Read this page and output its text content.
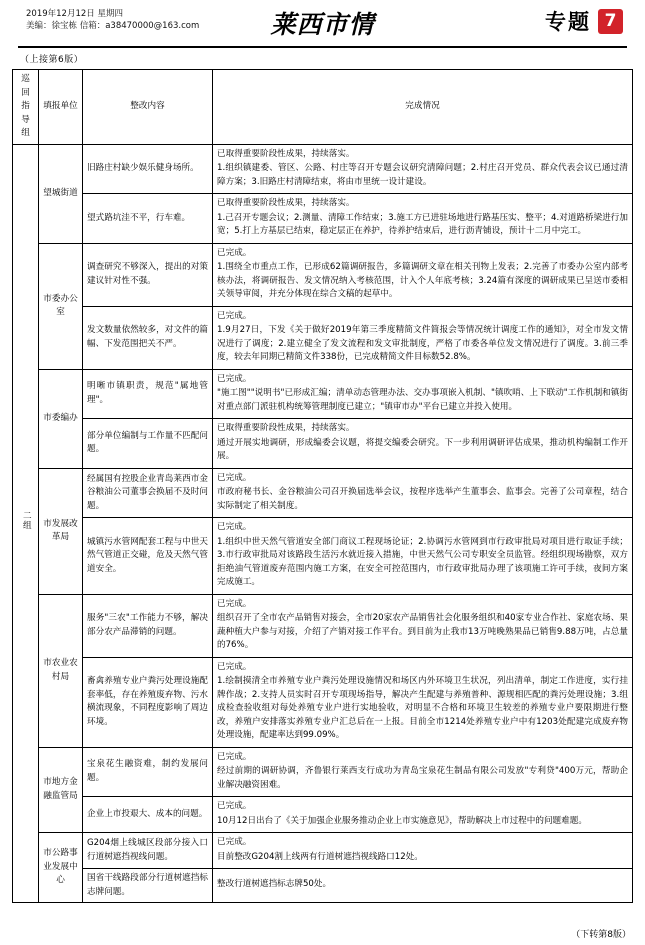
2019年12月12日 星期四
美编：徐宝栋 信箱：a38470000@163.com	莱西市情	专题 7
（上接第6版）
巡回指导组	填报单位	整改内容	完成情况
二组	望城街道	旧路庄村缺少娱乐健身场所。	已取得重要阶段性成果，持续落实。
1.组织镇建委、管区、公路、村庄等召开专题会议研究清障问题；2.村庄召开党员、群众代表会议已通过清障方案；3.旧路庄村清障结束，将由市里统一设计建设。

		望式路坑洼不平，行车难。	已取得重要阶段性成果，持续落实。
1.己召开专题会议；2.测量、清障工作结束；3.施工方已进驻场地进行路基压实、整平；4.对道路桥梁进行加宽；5.打上方基层已结束，稳定层正在养护，待养护结束后，进行沥青铺设，预计十二月中完工。

	市委办公室	调查研究不够深入，提出的对策建议针对性不强。	已完成。
1.围绕全市重点工作，已形成62篇调研报告，多篇调研文章在相关刊物上发表；2.完善了市委办公室内部考核办法，将调研报告、发文情况纳入考核范围，计入个人年底考核；3.24篇有深度的调研成果已呈送市委相关领导审阅，并充分体现在综合文稿的起草中。

		发文数量依然较多，对文件的篇幅、下发范围把关不严。	已完成。
1.9月27日，下发《关于做好2019年第三季度精简文件简报会等情况统计调度工作的通知》，对全市发文情况进行了调度；2.建立健全了发文流程和发文审批制度，严格了市委各单位发文情况进行了调度。3.前三季度，较去年同期已精简文件338份，已完成精简文件目标数52.8%。

	市委编办	明晰市镇职责，规范"属地管理"。	已完成。
"施工图""说明书"已形成汇编；清单动态管理办法、交办事项嵌入机制、"镇吹哨、上下联动"工作机制和镇街对重点部门派驻机构统筹管理制度已建立；"镇审市办"平台已建立并投入使用。

		部分单位编制与工作量不匹配问题。	已取得重要阶段性成果，持续落实。
通过开展实地调研，形成编委会议题，将提交编委会研究。下一步利用调研评估成果，推动机构编制工作开展。

	市发展改革局	经属国有控股企业青岛莱西市金谷粮油公司董事会换届不及时问题。	已完成。
市政府秘书长、金谷粮油公司召开换届选举会议，按程序选举产生董事会、监事会。完善了公司章程，结合实际制定了相关制度。

		城镇污水管网配套工程与中世天然气管道正交碰，危及天然气管道安全。	已完成。
1.组织中世天然气管道安全部门商议工程现场论证；2.协调污水管网到市行政审批局对项目进行取证手续；3.市行政审批局对该路段生活污水就近接入措施，中世天然气公司专职安全员监管。经组织现场勘察，双方拒绝油气管道废弃范围内施工方案，在安全可控范围内，市行政审批局办理了该项施工许可手续，夜间方案完成施工。

	市农业农村局	服务"三农"工作能力不够，解决部分农产品滞销的问题。	已完成。
组织召开了全市农产品销售对接会，全市20家农产品销售社会化服务组织和40家专业合作社、家庭农场、果蔬种植大户参与对接，介绍了产销对接工作平台。到目前为止我市13万吨晚熟果品已销售9.88万吨，占总量的76%。

		畜禽养殖专业户粪污处理设施配套率低，存在养殖废弃物、污水横流现象，不同程度影响了周边环境。	已完成。
1.绘制摸清全市养殖专业户粪污处理设施情况和场区内外环境卫生状况，列出清单，制定工作进度，实行挂牌作战；2.支持人员实时召开专项现场指导，解决产生配建与养殖普种、源规相匹配的粪污处理设施；3.组成检查验收组对每处养殖专业户进行实地验收，对明显不合格和环境卫生较差的养殖专业户要限期进行整改，养殖户安排落实养殖专业户汇总后在一上报。目前全市1214处养殖专业户中有1203处配建完成废弃物处理设施，配建率达到99.09%。

	市地方金融监管局	宝泉花生融资难，制约发展问题。	已完成。
经过前期的调研协调，齐鲁银行莱西支行成功为青岛宝泉花生制品有限公司发放"专利贷"400万元，帮助企业解决融资困难。

		企业上市投艰大、成本的问题。	已完成。
10月12日出台了《关于加强企业服务推动企业上市实施意见》，帮助解决上市过程中的问题难题。

	市公路事业发展中心	G204烟上线城区段部分接入口行道树遮挡视线问题。	已完成。
目前整改G204割上线两有行道树遮挡视线路口12处。

		国省干线路段部分行道树遮挡标志牌问题。	整改行道树遮挡标志牌50处。
（下转第8版）
